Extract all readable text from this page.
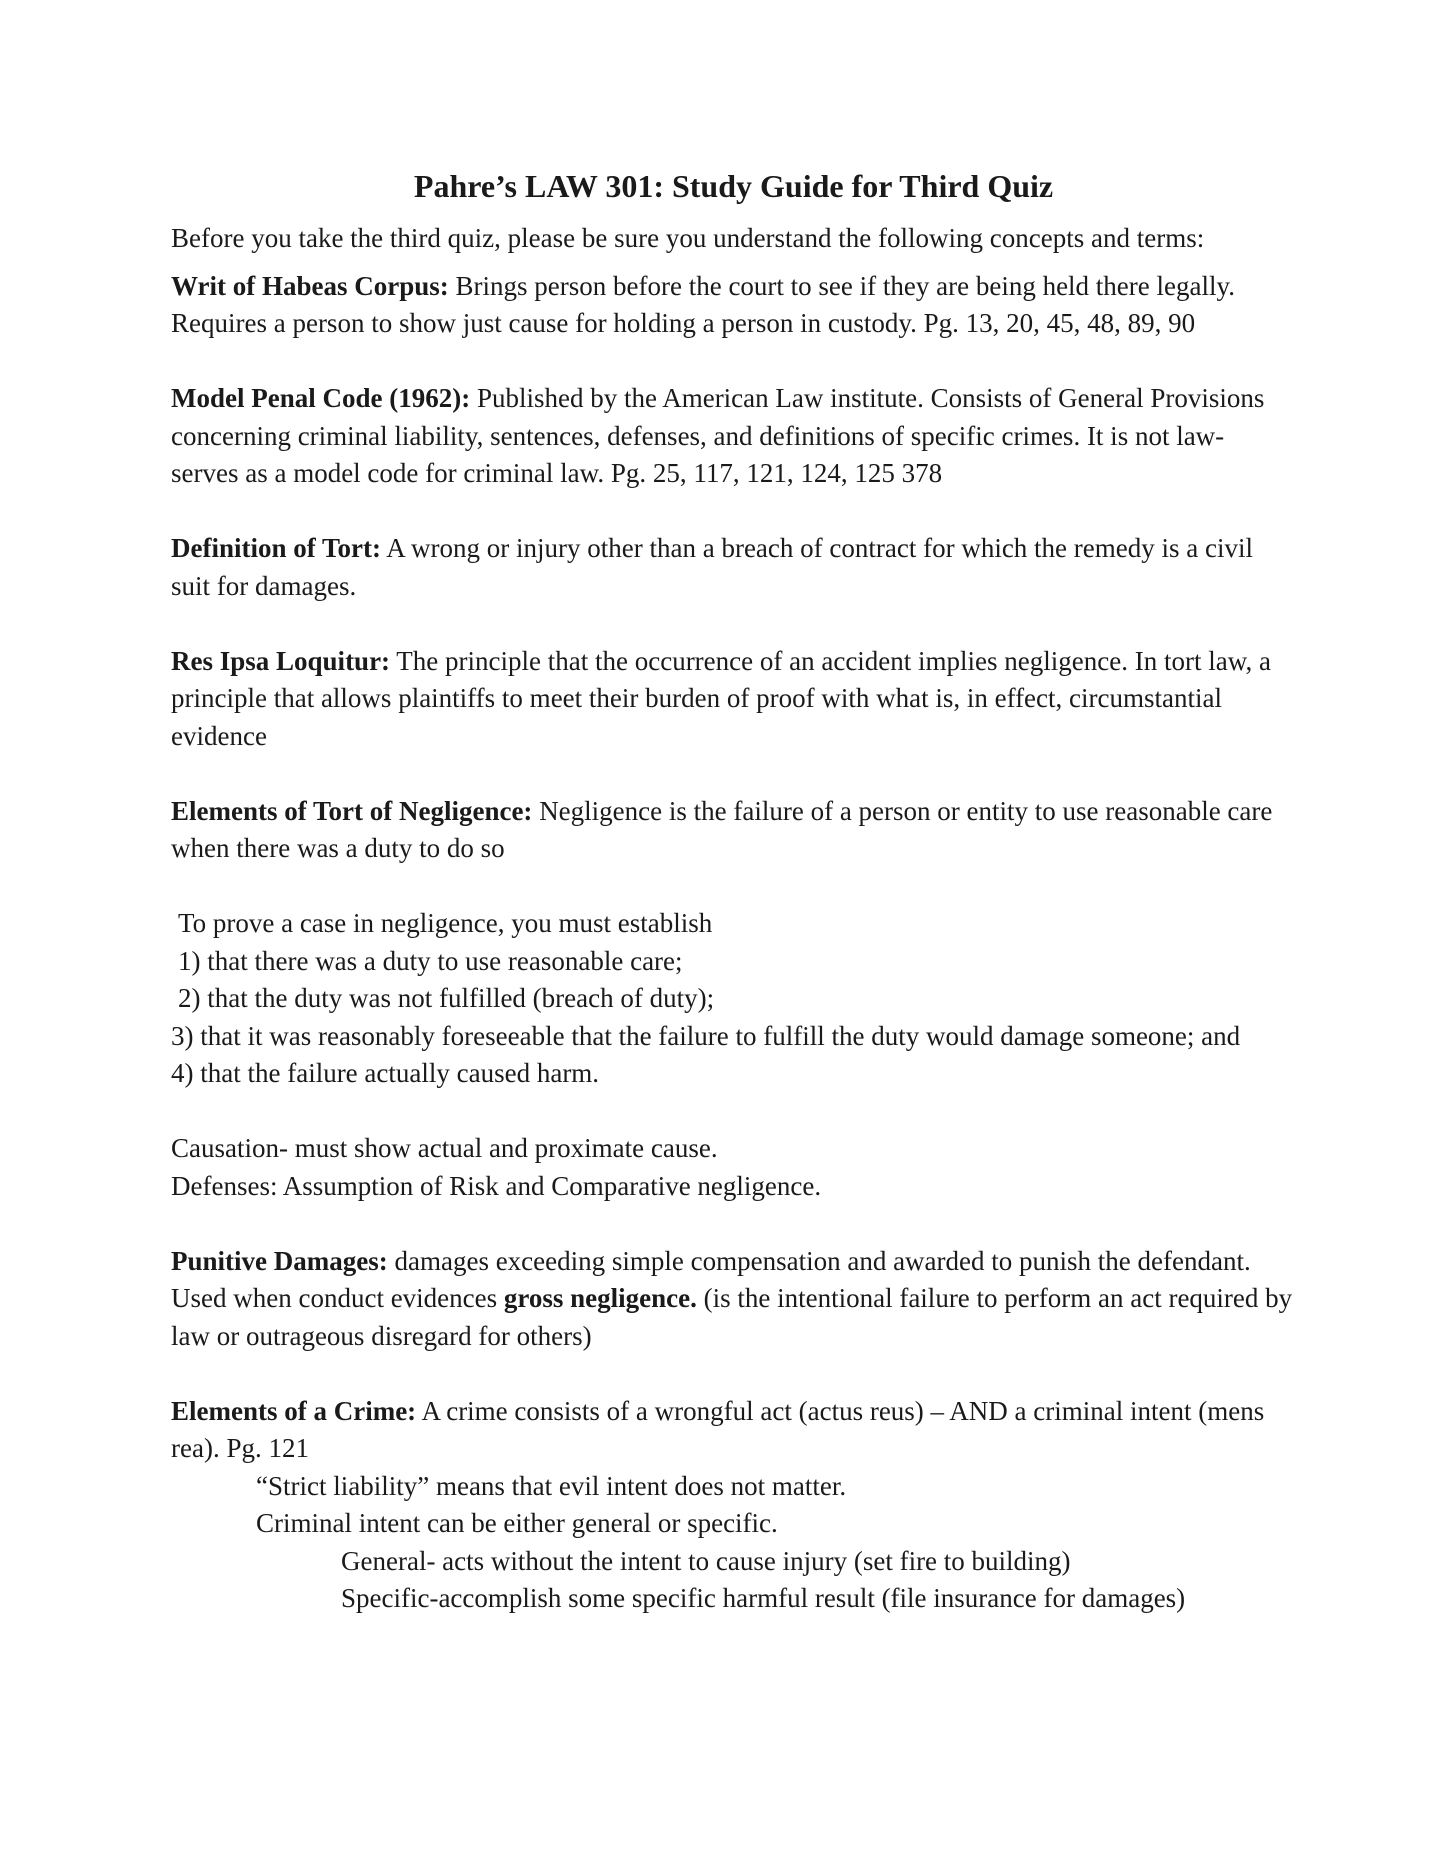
Pahre’s LAW 301: Study Guide for Third Quiz

Before you take the third quiz, please be sure you understand the following concepts and terms:

Writ of Habeas Corpus: Brings person before the court to see if they are being held there legally. Requires a person to show just cause for holding a person in custody. Pg. 13, 20, 45, 48, 89, 90

Model Penal Code (1962): Published by the American Law institute. Consists of General Provisions concerning criminal liability, sentences, defenses, and definitions of specific crimes. It is not law- serves as a model code for criminal law. Pg. 25, 117, 121, 124, 125 378

Definition of Tort: A wrong or injury other than a breach of contract for which the remedy is a civil suit for damages.

Res Ipsa Loquitur: The principle that the occurrence of an accident implies negligence. In tort law, a principle that allows plaintiffs to meet their burden of proof with what is, in effect, circumstantial evidence

Elements of Tort of Negligence: Negligence is the failure of a person or entity to use reasonable care when there was a duty to do so

To prove a case in negligence, you must establish

1) that there was a duty to use reasonable care;

2) that the duty was not fulfilled (breach of duty);

3) that it was reasonably foreseeable that the failure to fulfill the duty would damage someone; and

4) that the failure actually caused harm.

Causation- must show actual and proximate cause.

Defenses: Assumption of Risk and Comparative negligence.

Punitive Damages: damages exceeding simple compensation and awarded to punish the defendant. Used when conduct evidences gross negligence. (is the intentional failure to perform an act required by law or outrageous disregard for others)

Elements of a Crime: A crime consists of a wrongful act (actus reus) – AND a criminal intent (mens rea). Pg. 121

“Strict liability” means that evil intent does not matter.

Criminal intent can be either general or specific.

General- acts without the intent to cause injury (set fire to building)

Specific-accomplish some specific harmful result (file insurance for damages)
